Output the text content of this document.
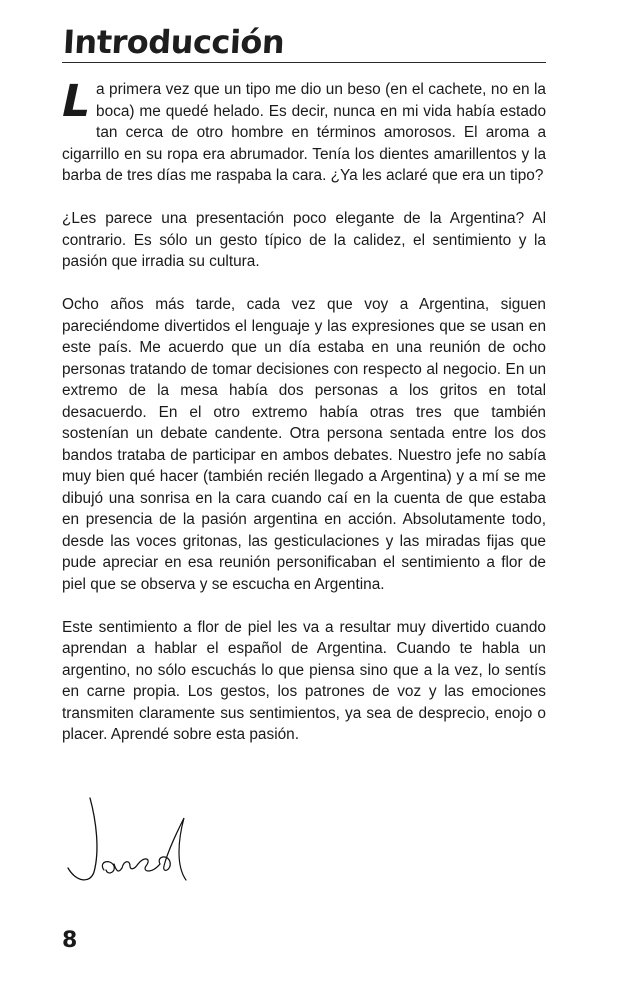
Introducción

La primera vez que un tipo me dio un beso (en el cachete, no en la boca) me quedé helado. Es decir, nunca en mi vida había estado tan cerca de otro hombre en términos amorosos. El aroma a cigarrillo en su ropa era abrumador. Tenía los dientes amarillentos y la barba de tres días me raspaba la cara. ¿Ya les aclaré que era un tipo?

¿Les parece una presentación poco elegante de la Argentina? Al contrario. Es sólo un gesto típico de la calidez, el sentimiento y la pasión que irradia su cultura.

Ocho años más tarde, cada vez que voy a Argentina, siguen pareciéndome divertidos el lenguaje y las expresiones que se usan en este país. Me acuerdo que un día estaba en una reunión de ocho personas tratando de tomar decisiones con respecto al negocio. En un extremo de la mesa había dos personas a los gritos en total desacuerdo. En el otro extremo había otras tres que también sostenían un debate candente. Otra persona sentada entre los dos bandos trataba de participar en ambos debates. Nuestro jefe no sabía muy bien qué hacer (también recién llegado a Argentina) y a mí se me dibujó una sonrisa en la cara cuando caí en la cuenta de que estaba en presencia de la pasión argentina en acción. Absolutamente todo, desde las voces gritonas, las gesticulaciones y las miradas fijas que pude apreciar en esa reunión personificaban el sentimiento a flor de piel que se observa y se escucha en Argentina.

Este sentimiento a flor de piel les va a resultar muy divertido cuando aprendan a hablar el español de Argentina. Cuando te habla un argentino, no sólo escuchás lo que piensa sino que a la vez, lo sentís en carne propia. Los gestos, los patrones de voz y las emociones transmiten claramente sus sentimientos, ya sea de desprecio, enojo o placer. Aprendé sobre esta pasión.

8
